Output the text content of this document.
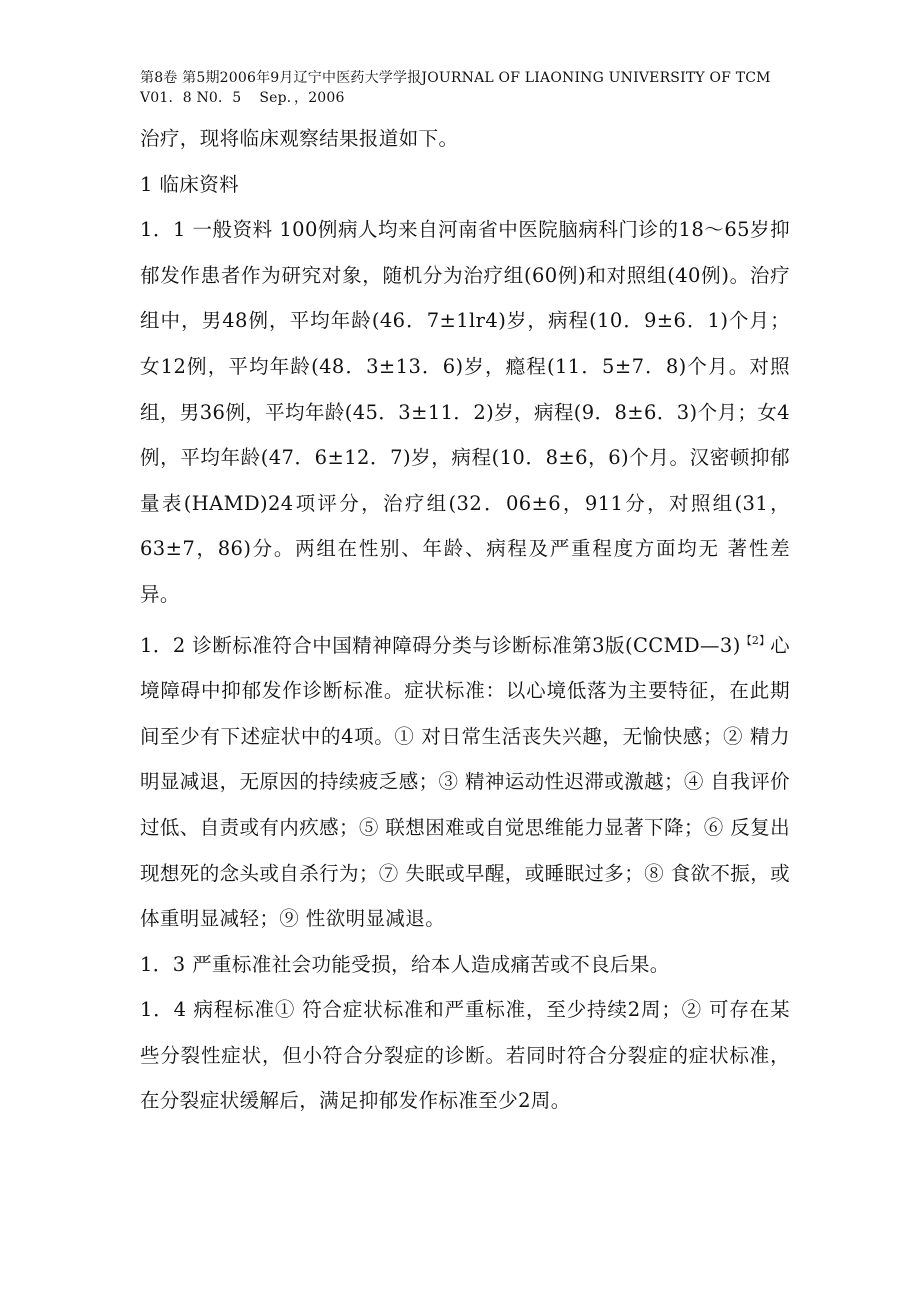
第8卷 第5期2006年9月辽宁中医药大学学报JOURNAL OF LIAONING UNIVERSITY OF TCM
V01．8 N0．5 Sep．，2006

治疗，现将临床观察结果报道如下。

1 临床资料

1．1 一般资料 100例病人均来自河南省中医院脑病科门诊的18～65岁抑郁发作患者作为研究对象，随机分为治疗组(60例)和对照组(40例)。治疗组中，男48例，平均年龄(46．7±1lr4)岁，病程(10．9±6．1)个月；女12例，平均年龄(48．3±13．6)岁，瘾程(11．5±7．8)个月。对照组，男36例，平均年龄(45．3±11．2)岁，病程(9．8±6．3)个月；女4例，平均年龄(47．6±12．7)岁，病程(10．8±6，6)个月。汉密顿抑郁量表(HAMD)24项评分，治疗组(32．06±6，911分，对照组(31，63±7，86)分。两组在性别、年龄、病程及严重程度方面均无 著性差异。

1．2 诊断标准符合中国精神障碍分类与诊断标准第3版(CCMD—3)$^{【2】}$心境障碍中抑郁发作诊断标准。症状标准：以心境低落为主要特征，在此期间至少有下述症状中的4项。① 对日常生活丧失兴趣，无愉快感；② 精力明显减退，无原因的持续疲乏感；③ 精神运动性迟滞或激越；④ 自我评价过低、自责或有内疚感；⑤ 联想困难或自觉思维能力显著下降；⑥ 反复出现想死的念头或自杀行为；⑦ 失眠或早醒，或睡眠过多；⑧ 食欲不振，或体重明显减轻；⑨ 性欲明显减退。

1．3 严重标准社会功能受损，给本人造成痛苦或不良后果。

1．4 病程标准① 符合症状标准和严重标准，至少持续2周；② 可存在某些分裂性症状，但小符合分裂症的诊断。若同时符合分裂症的症状标准，在分裂症状缓解后，满足抑郁发作标准至少2周。
